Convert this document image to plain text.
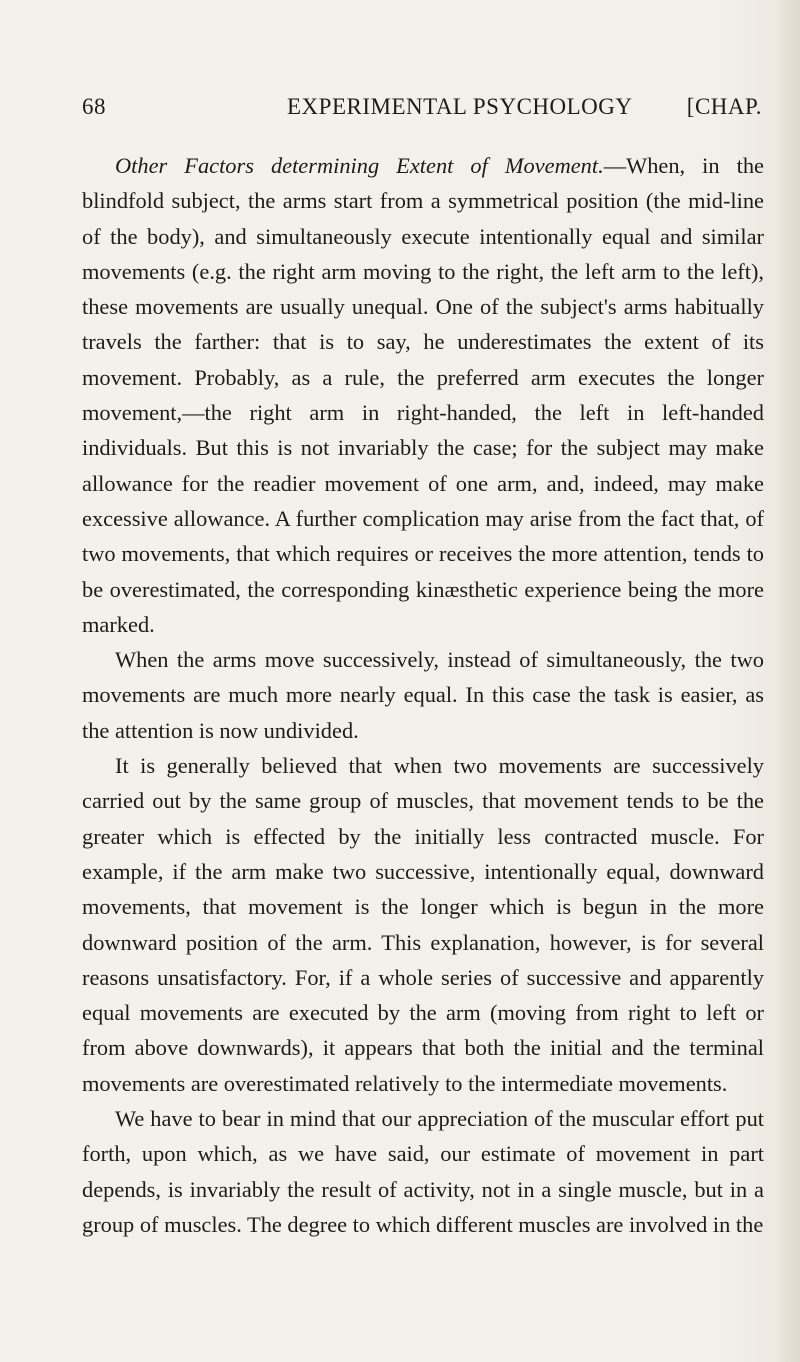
68	EXPERIMENTAL PSYCHOLOGY [CHAP.

Other Factors determining Extent of Movement.—When, in the blindfold subject, the arms start from a symmetrical position (the mid-line of the body), and simultaneously execute intentionally equal and similar movements (e.g. the right arm moving to the right, the left arm to the left), these movements are usually unequal. One of the subject's arms habitually travels the farther: that is to say, he underestimates the extent of its movement. Probably, as a rule, the preferred arm executes the longer movement,—the right arm in right-handed, the left in left-handed individuals. But this is not invariably the case; for the subject may make allowance for the readier movement of one arm, and, indeed, may make excessive allowance. A further complication may arise from the fact that, of two movements, that which requires or receives the more attention, tends to be overestimated, the corresponding kinæsthetic experience being the more marked.

When the arms move successively, instead of simultaneously, the two movements are much more nearly equal. In this case the task is easier, as the attention is now undivided.

It is generally believed that when two movements are successively carried out by the same group of muscles, that movement tends to be the greater which is effected by the initially less contracted muscle. For example, if the arm make two successive, intentionally equal, downward movements, that movement is the longer which is begun in the more downward position of the arm. This explanation, however, is for several reasons unsatisfactory. For, if a whole series of successive and apparently equal movements are executed by the arm (moving from right to left or from above downwards), it appears that both the initial and the terminal movements are overestimated relatively to the intermediate movements.

We have to bear in mind that our appreciation of the muscular effort put forth, upon which, as we have said, our estimate of movement in part depends, is invariably the result of activity, not in a single muscle, but in a group of muscles. The degree to which different muscles are involved in the
